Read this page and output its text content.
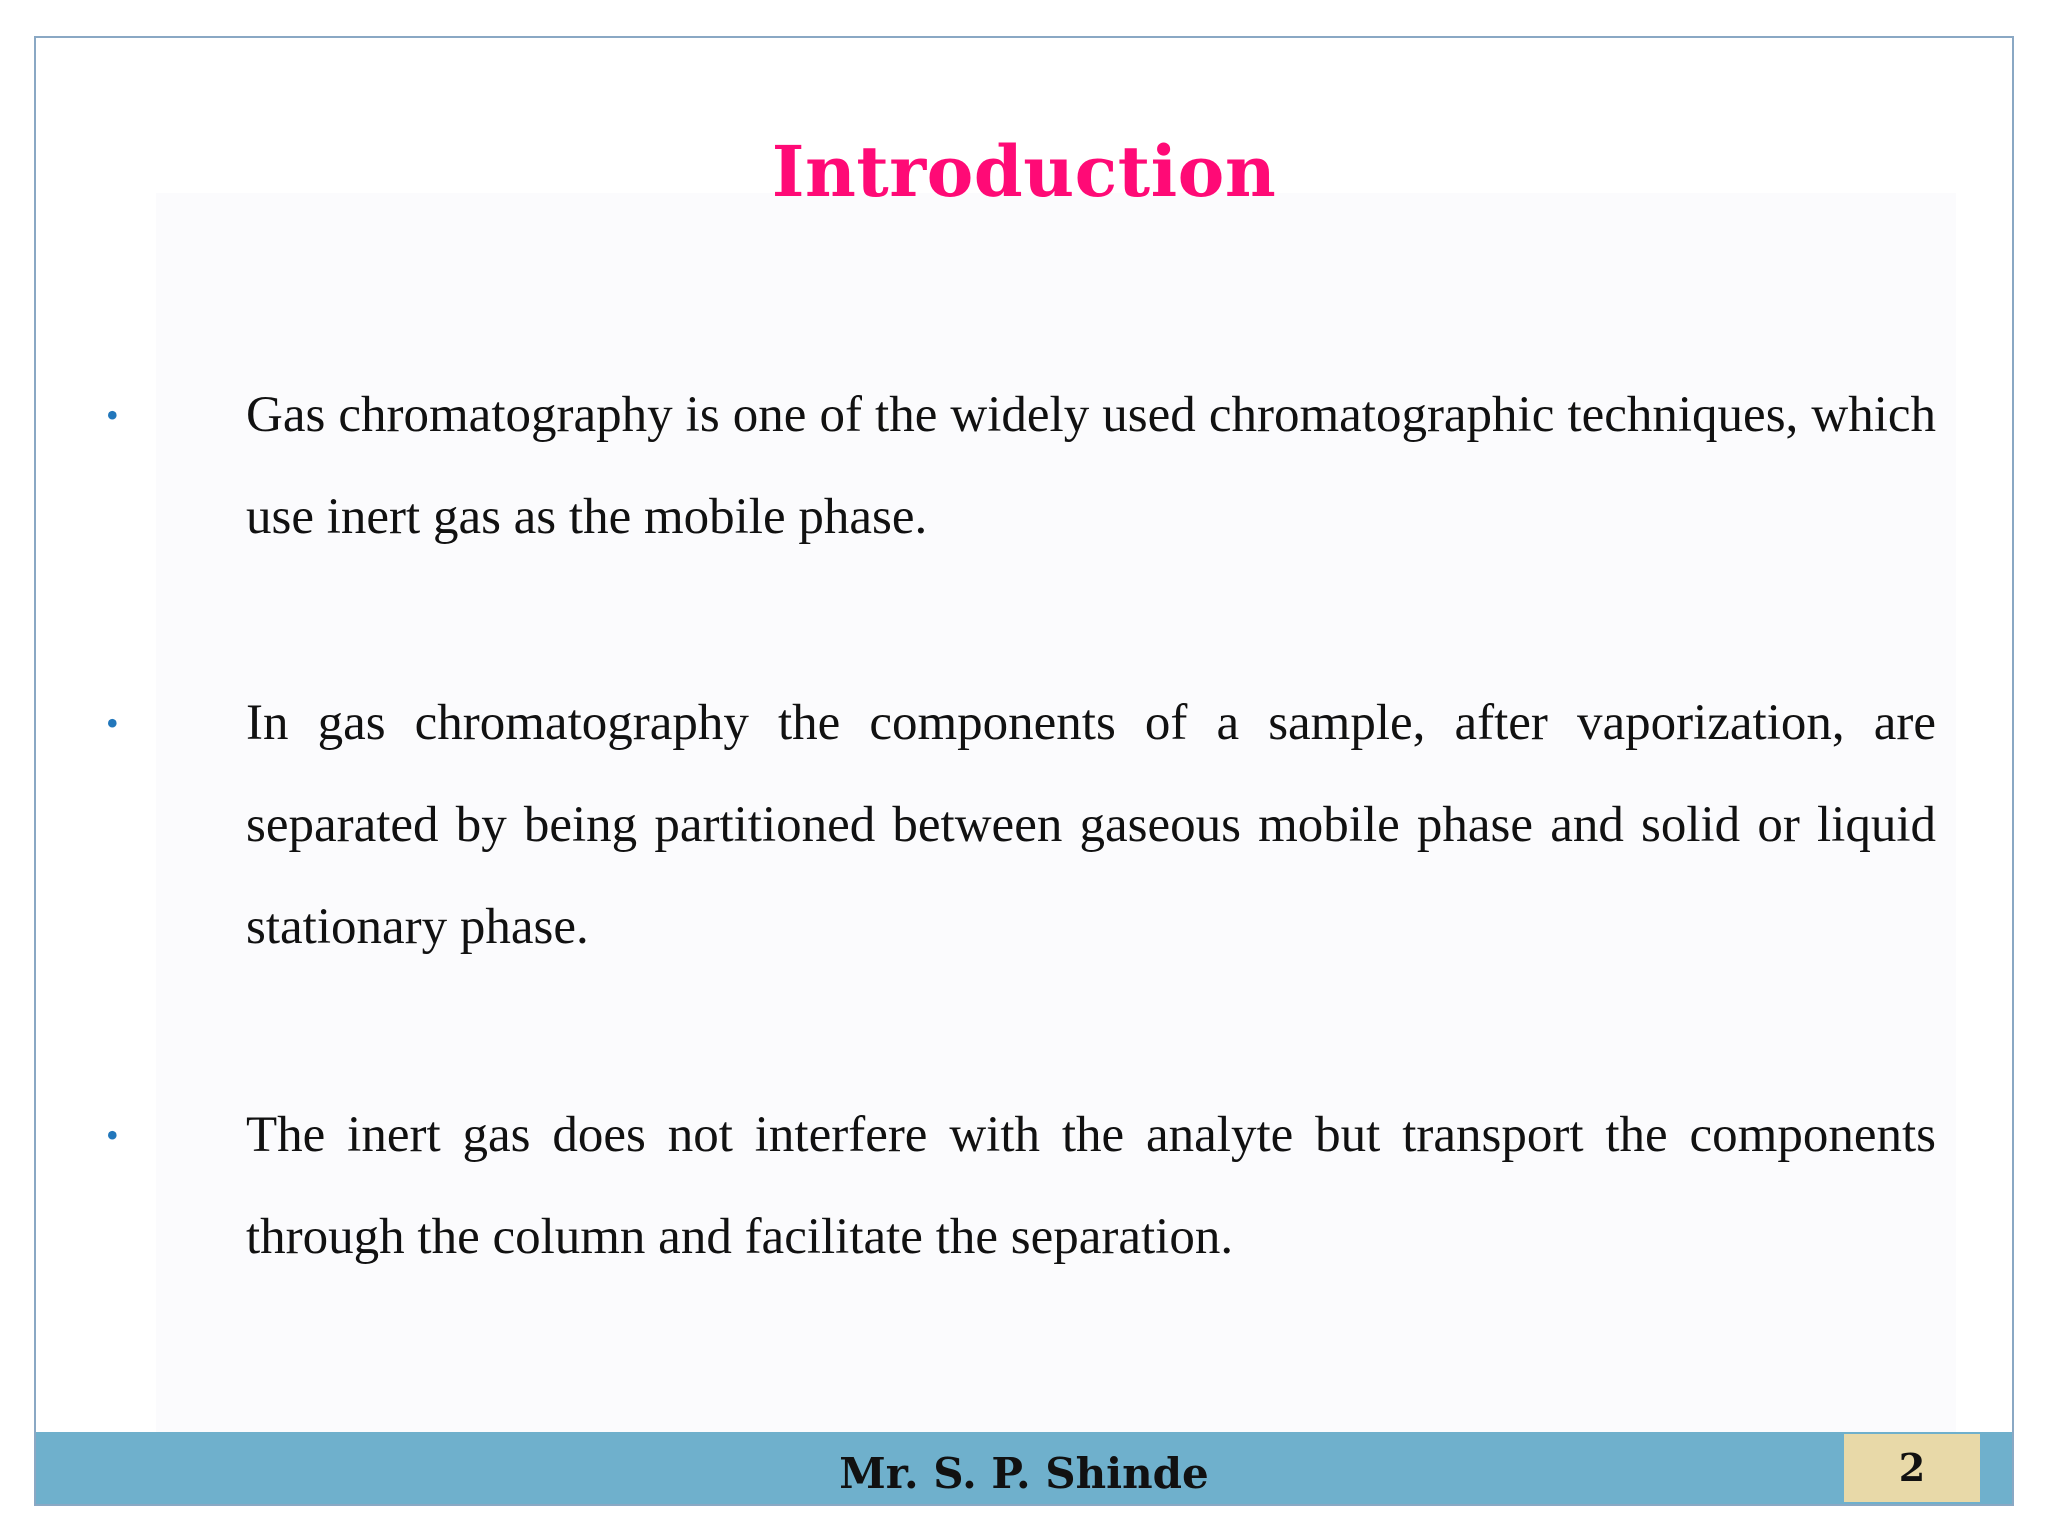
Introduction
• Gas chromatography is one of the widely used chromatographic techniques, which use inert gas as the mobile phase.

• In gas chromatography the components of a sample, after vaporization, are separated by being partitioned between gaseous mobile phase and solid or liquid stationary phase.

• The inert gas does not interfere with the analyte but transport the components through the column and facilitate the separation.

Mr. S. P. Shinde	2
